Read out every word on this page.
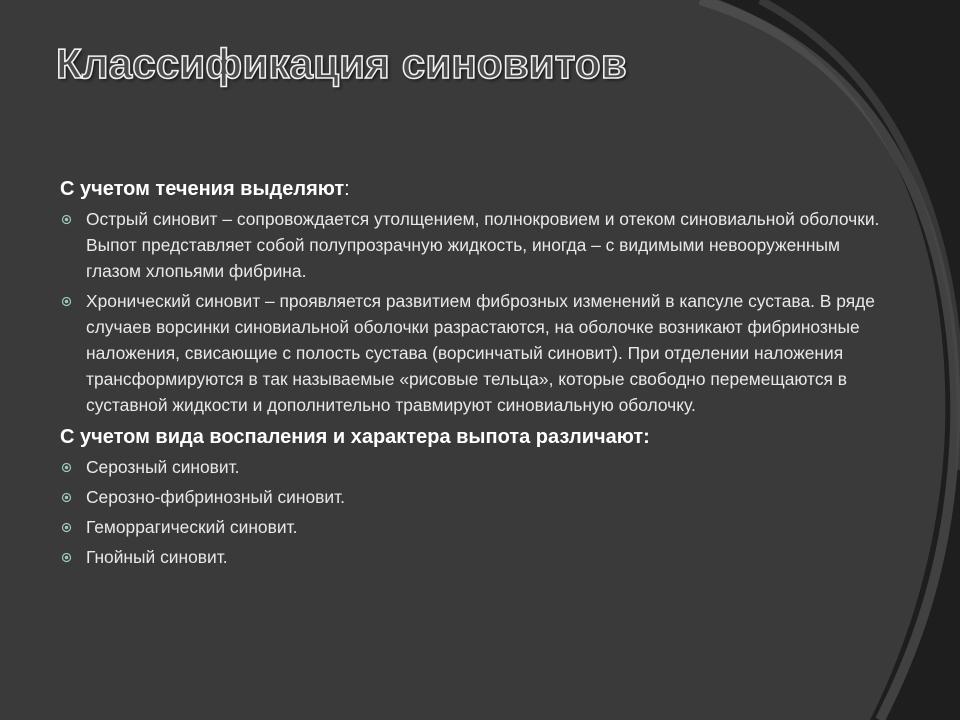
Классификация синовитов
С учетом течения выделяют:
Острый синовит – сопровождается утолщением, полнокровием и отеком синовиальной оболочки. Выпот представляет собой полупрозрачную жидкость, иногда – с видимыми невооруженным глазом хлопьями фибрина.
Хронический синовит – проявляется развитием фиброзных изменений в капсуле сустава. В ряде случаев ворсинки синовиальной оболочки разрастаются, на оболочке возникают фибринозные наложения, свисающие с полость сустава (ворсинчатый синовит). При отделении наложения трансформируются в так называемые «рисовые тельца», которые свободно перемещаются в суставной жидкости и дополнительно травмируют синовиальную оболочку.
С учетом вида воспаления и характера выпота различают:
Серозный синовит.
Серозно-фибринозный синовит.
Геморрагический синовит.
Гнойный синовит.
